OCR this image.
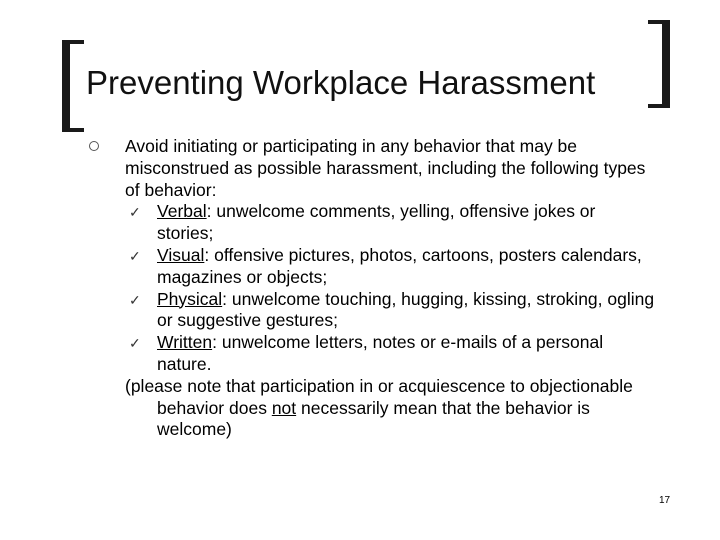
Preventing Workplace Harassment

Avoid initiating or participating in any behavior that may be misconstrued as possible harassment, including the following types of behavior:

✓ Verbal: unwelcome comments, yelling, offensive jokes or stories;
✓ Visual: offensive pictures, photos, cartoons, posters calendars, magazines or objects;
✓ Physical: unwelcome touching, hugging, kissing, stroking, ogling or suggestive gestures;
✓ Written: unwelcome letters, notes or e-mails of a personal nature.
(please note that participation in or acquiescence to objectionable behavior does not necessarily mean that the behavior is welcome)
17
